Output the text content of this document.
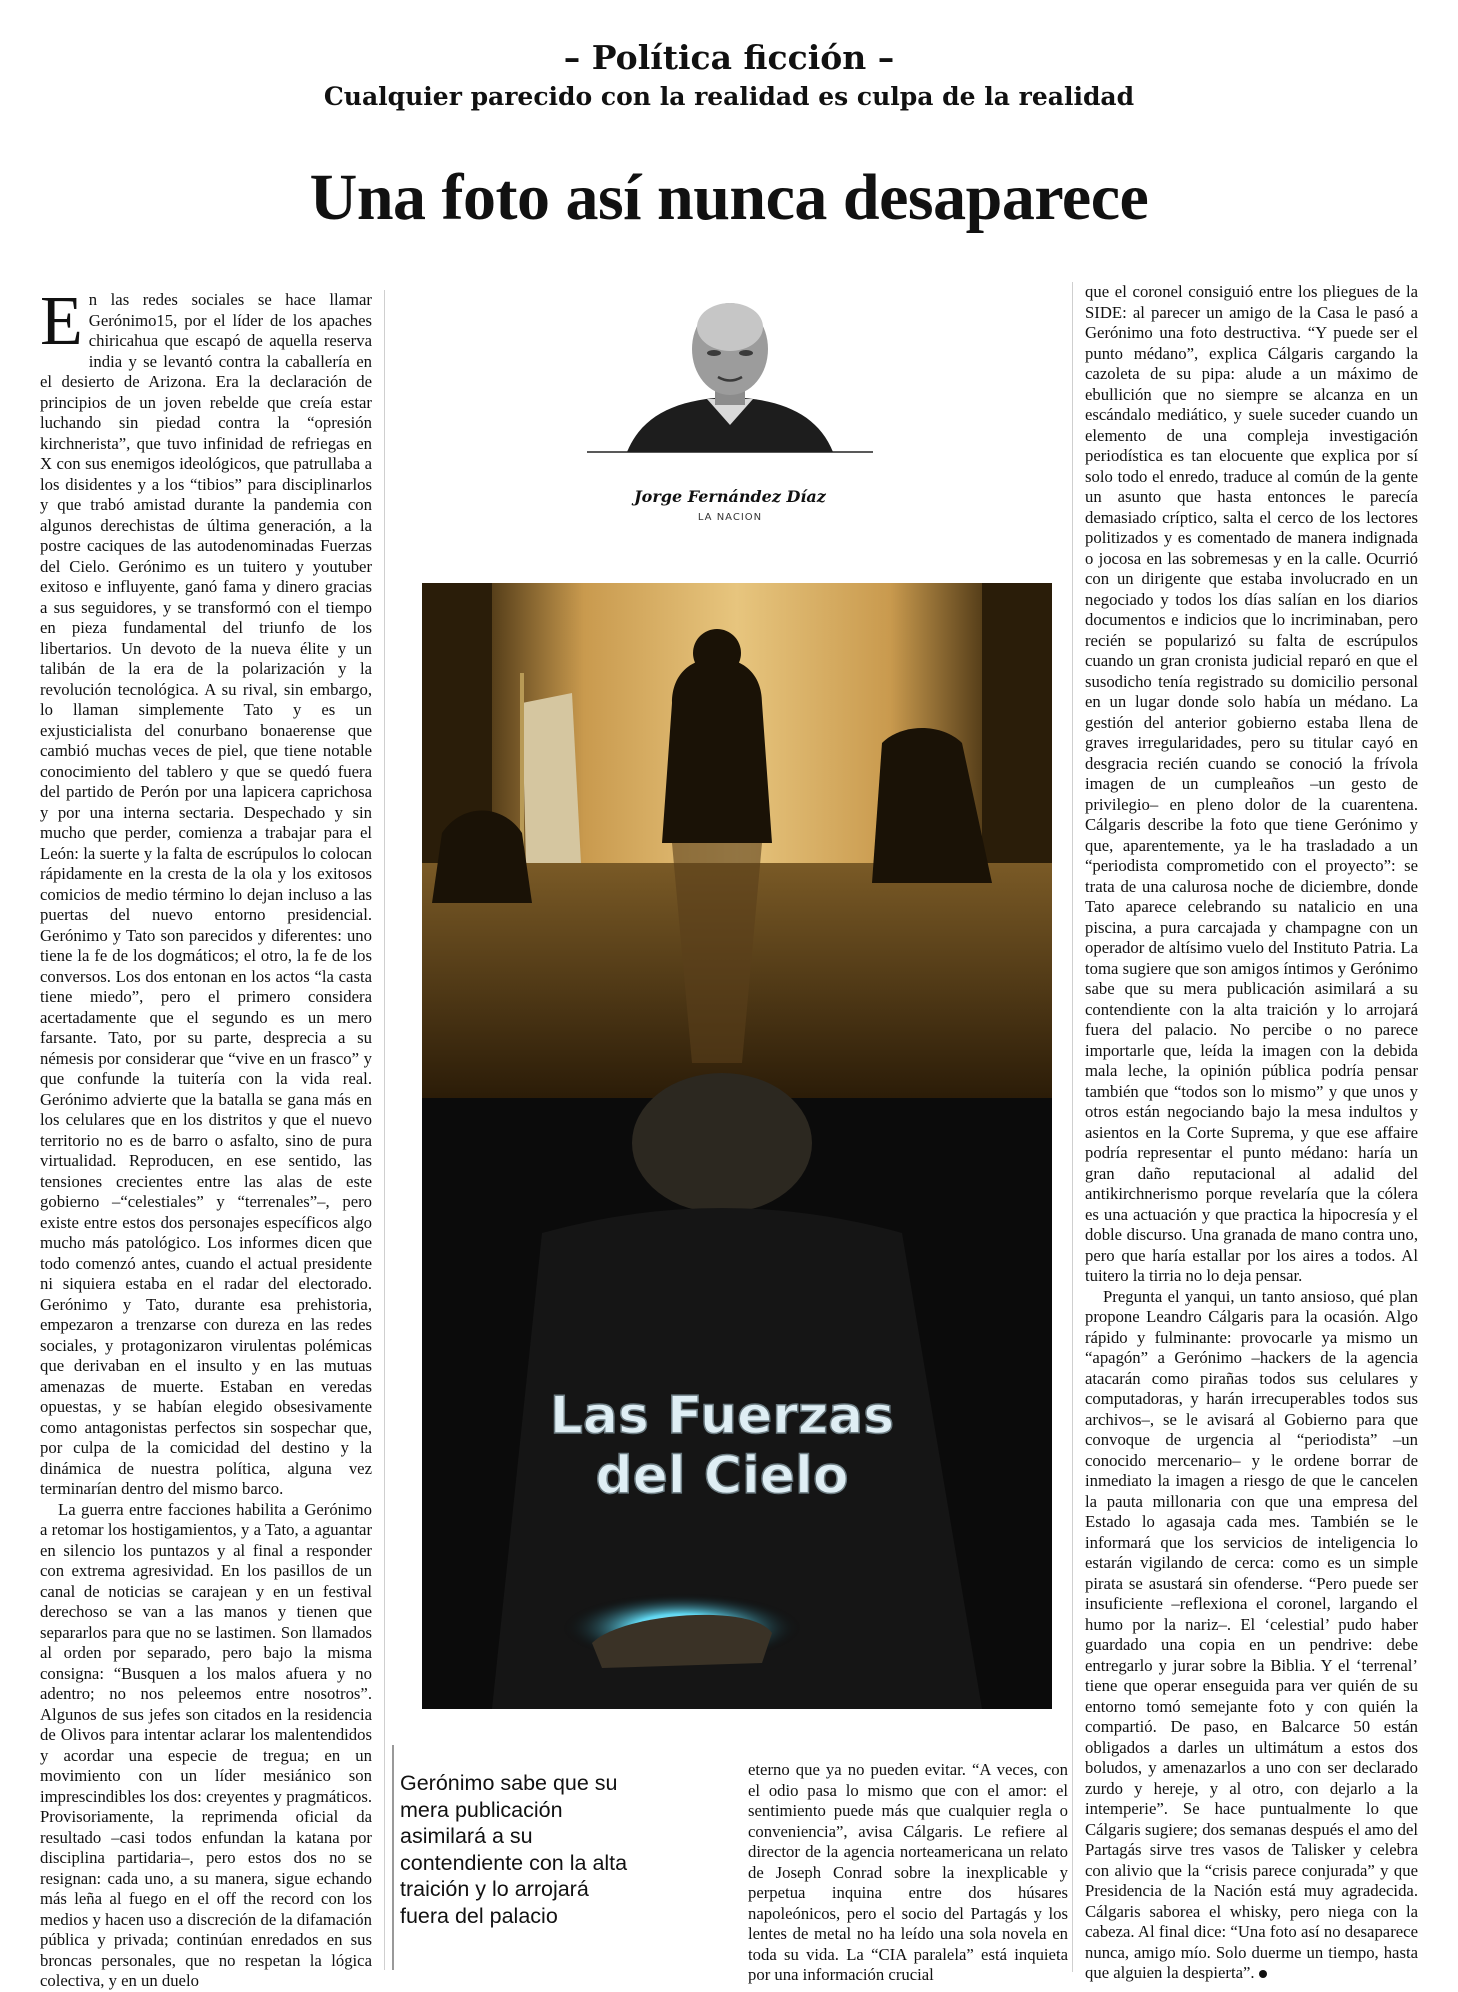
– Política ficción –
Cualquier parecido con la realidad es culpa de la realidad
Una foto así nunca desaparece

En las redes sociales se hace llamar Gerónimo15, por el líder de los apaches chiricahua que escapó de aquella reserva india y se levantó contra la caballería en el desierto de Arizona. Era la declaración de principios de un joven rebelde que creía estar luchando sin piedad contra la “opresión kirchnerista”, que tuvo infinidad de refriegas en X con sus enemigos ideológicos, que patrullaba a los disidentes y a los “tibios” para disciplinarlos y que trabó amistad durante la pandemia con algunos derechistas de última generación, a la postre caciques de las autodenominadas Fuerzas del Cielo. Gerónimo es un tuitero y youtuber exitoso e influyente, ganó fama y dinero gracias a sus seguidores, y se transformó con el tiempo en pieza fundamental del triunfo de los libertarios. Un devoto de la nueva élite y un talibán de la era de la polarización y la revolución tecnológica. A su rival, sin embargo, lo llaman simplemente Tato y es un exjusticialista del conurbano bonaerense que cambió muchas veces de piel, que tiene notable conocimiento del tablero y que se quedó fuera del partido de Perón por una lapicera caprichosa y por una interna sectaria. Despechado y sin mucho que perder, comienza a trabajar para el León: la suerte y la falta de escrúpulos lo colocan rápidamente en la cresta de la ola y los exitosos comicios de medio término lo dejan incluso a las puertas del nuevo entorno presidencial. Gerónimo y Tato son parecidos y diferentes: uno tiene la fe de los dogmáticos; el otro, la fe de los conversos. Los dos entonan en los actos “la casta tiene miedo”, pero el primero considera acertadamente que el segundo es un mero farsante. Tato, por su parte, desprecia a su némesis por considerar que “vive en un frasco” y que confunde la tuitería con la vida real. Gerónimo advierte que la batalla se gana más en los celulares que en los distritos y que el nuevo territorio no es de barro o asfalto, sino de pura virtualidad. Reproducen, en ese sentido, las tensiones crecientes entre las alas de este gobierno –“celestiales” y “terrenales”–, pero existe entre estos dos personajes específicos algo mucho más patológico. Los informes dicen que todo comenzó antes, cuando el actual presidente ni siquiera estaba en el radar del electorado. Gerónimo y Tato, durante esa prehistoria, empezaron a trenzarse con dureza en las redes sociales, y protagonizaron virulentas polémicas que derivaban en el insulto y en las mutuas amenazas de muerte. Estaban en veredas opuestas, y se habían elegido obsesivamente como antagonistas perfectos sin sospechar que, por culpa de la comicidad del destino y la dinámica de nuestra política, alguna vez terminarían dentro del mismo barco.

La guerra entre facciones habilita a Gerónimo a retomar los hostigamientos, y a Tato, a aguantar en silencio los puntazos y al final a responder con extrema agresividad. En los pasillos de un canal de noticias se carajean y en un festival derechoso se van a las manos y tienen que separarlos para que no se lastimen. Son llamados al orden por separado, pero bajo la misma consigna: “Busquen a los malos afuera y no adentro; no nos peleemos entre nosotros”. Algunos de sus jefes son citados en la residencia de Olivos para intentar aclarar los malentendidos y acordar una especie de tregua; en un movimiento con un líder mesiánico son imprescindibles los dos: creyentes y pragmáticos. Provisoriamente, la reprimenda oficial da resultado –casi todos enfundan la katana por disciplina partidaria–, pero estos dos no se resignan: cada uno, a su manera, sigue echando más leña al fuego en el off the record con los medios y hacen uso a discreción de la difamación pública y privada; continúan enredados en sus broncas personales, que no respetan la lógica colectiva, y en un duelo

Jorge Fernández Díaz
LA NACION
Las Fuerzas
del Cielo
Gerónimo sabe que su mera publicación asimilará a su contendiente con la alta traición y lo arrojará fuera del palacio

eterno que ya no pueden evitar. “A veces, con el odio pasa lo mismo que con el amor: el sentimiento puede más que cualquier regla o conveniencia”, avisa Cálgaris. Le refiere al director de la agencia norteamericana un relato de Joseph Conrad sobre la inexplicable y perpetua inquina entre dos húsares napoleónicos, pero el socio del Partagás y los lentes de metal no ha leído una sola novela en toda su vida. La “CIA paralela” está inquieta por una información crucial

que el coronel consiguió entre los pliegues de la SIDE: al parecer un amigo de la Casa le pasó a Gerónimo una foto destructiva. “Y puede ser el punto médano”, explica Cálgaris cargando la cazoleta de su pipa: alude a un máximo de ebullición que no siempre se alcanza en un escándalo mediático, y suele suceder cuando un elemento de una compleja investigación periodística es tan elocuente que explica por sí solo todo el enredo, traduce al común de la gente un asunto que hasta entonces le parecía demasiado críptico, salta el cerco de los lectores politizados y es comentado de manera indignada o jocosa en las sobremesas y en la calle. Ocurrió con un dirigente que estaba involucrado en un negociado y todos los días salían en los diarios documentos e indicios que lo incriminaban, pero recién se popularizó su falta de escrúpulos cuando un gran cronista judicial reparó en que el susodicho tenía registrado su domicilio personal en un lugar donde solo había un médano. La gestión del anterior gobierno estaba llena de graves irregularidades, pero su titular cayó en desgracia recién cuando se conoció la frívola imagen de un cumpleaños –un gesto de privilegio– en pleno dolor de la cuarentena. Cálgaris describe la foto que tiene Gerónimo y que, aparentemente, ya le ha trasladado a un “periodista comprometido con el proyecto”: se trata de una calurosa noche de diciembre, donde Tato aparece celebrando su natalicio en una piscina, a pura carcajada y champagne con un operador de altísimo vuelo del Instituto Patria. La toma sugiere que son amigos íntimos y Gerónimo sabe que su mera publicación asimilará a su contendiente con la alta traición y lo arrojará fuera del palacio. No percibe o no parece importarle que, leída la imagen con la debida mala leche, la opinión pública podría pensar también que “todos son lo mismo” y que unos y otros están negociando bajo la mesa indultos y asientos en la Corte Suprema, y que ese affaire podría representar el punto médano: haría un gran daño reputacional al adalid del antikirchnerismo porque revelaría que la cólera es una actuación y que practica la hipocresía y el doble discurso. Una granada de mano contra uno, pero que haría estallar por los aires a todos. Al tuitero la tirria no lo deja pensar.

Pregunta el yanqui, un tanto ansioso, qué plan propone Leandro Cálgaris para la ocasión. Algo rápido y fulminante: provocarle ya mismo un “apagón” a Gerónimo –hackers de la agencia atacarán como pirañas todos sus celulares y computadoras, y harán irrecuperables todos sus archivos–, se le avisará al Gobierno para que convoque de urgencia al “periodista” –un conocido mercenario– y le ordene borrar de inmediato la imagen a riesgo de que le cancelen la pauta millonaria con que una empresa del Estado lo agasaja cada mes. También se le informará que los servicios de inteligencia lo estarán vigilando de cerca: como es un simple pirata se asustará sin ofenderse. “Pero puede ser insuficiente –reflexiona el coronel, largando el humo por la nariz–. El ‘celestial’ pudo haber guardado una copia en un pendrive: debe entregarlo y jurar sobre la Biblia. Y el ‘terrenal’ tiene que operar enseguida para ver quién de su entorno tomó semejante foto y con quién la compartió. De paso, en Balcarce 50 están obligados a darles un ultimátum a estos dos boludos, y amenazarlos a uno con ser declarado zurdo y hereje, y al otro, con dejarlo a la intemperie”. Se hace puntualmente lo que Cálgaris sugiere; dos semanas después el amo del Partagás sirve tres vasos de Talisker y celebra con alivio que la “crisis parece conjurada” y que Presidencia de la Nación está muy agradecida. Cálgaris saborea el whisky, pero niega con la cabeza. Al final dice: “Una foto así no desaparece nunca, amigo mío. Solo duerme un tiempo, hasta que alguien la despierta”.
